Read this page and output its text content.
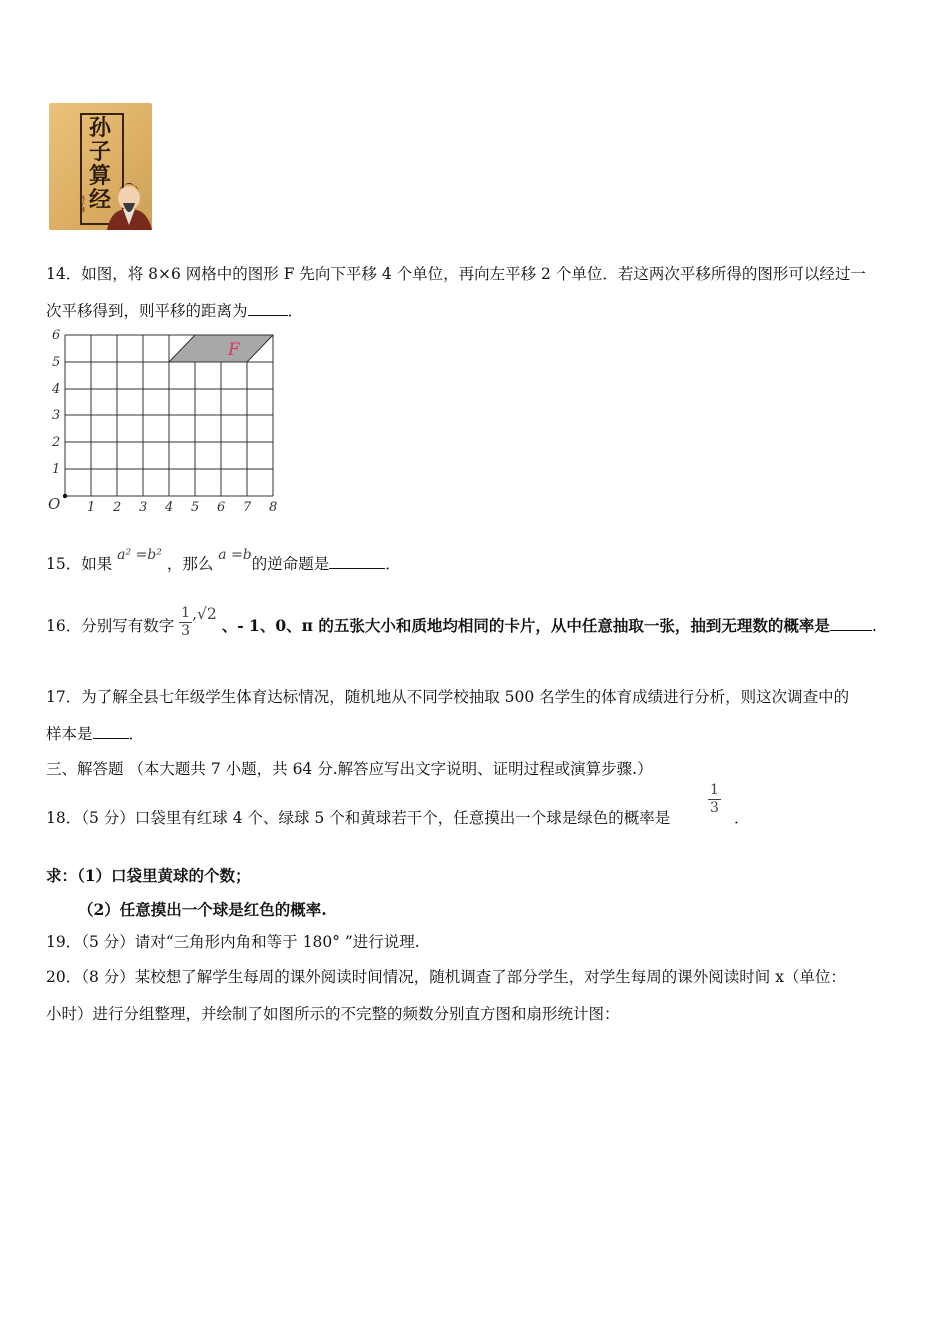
孙子算经
孙子著
14．如图，将 8×6 网格中的图形 F 先向下平移 4 个单位，再向左平移 2 个单位．若这两次平移所得的图形可以经过一
次平移得到，则平移的距离为	．
F
6
5
4
3
2
1
O 1 2 3 4 5 6 7 8
15．如果 a² =b² ，那么 a =b的逆命题是	．
16．分别写有数字 $\frac{1}{3} ,√2$ 、- 1、0、π 的五张大小和质地均相同的卡片，从中任意抽取一张，抽到无理数的概率是	.
17．为了解全县七年级学生体育达标情况，随机地从不同学校抽取 500 名学生的体育成绩进行分析，则这次调查中的
样本是 ．
三、解答题 （本大题共 7 小题，共 64 分.解答应写出文字说明、证明过程或演算步骤.）
18．（5 分）口袋里有红球 4 个、绿球 5 个和黄球若干个，任意摸出一个球是绿色的概率是
$\frac{1}{3}$
．
求：（1）口袋里黄球的个数；
（2）任意摸出一个球是红色的概率.
19．（5 分）请对“三角形内角和等于 180° ”进行说理.
20．（8 分）某校想了解学生每周的课外阅读时间情况，随机调查了部分学生，对学生每周的课外阅读时间 x（单位：
小时）进行分组整理，并绘制了如图所示的不完整的频数分别直方图和扇形统计图：
